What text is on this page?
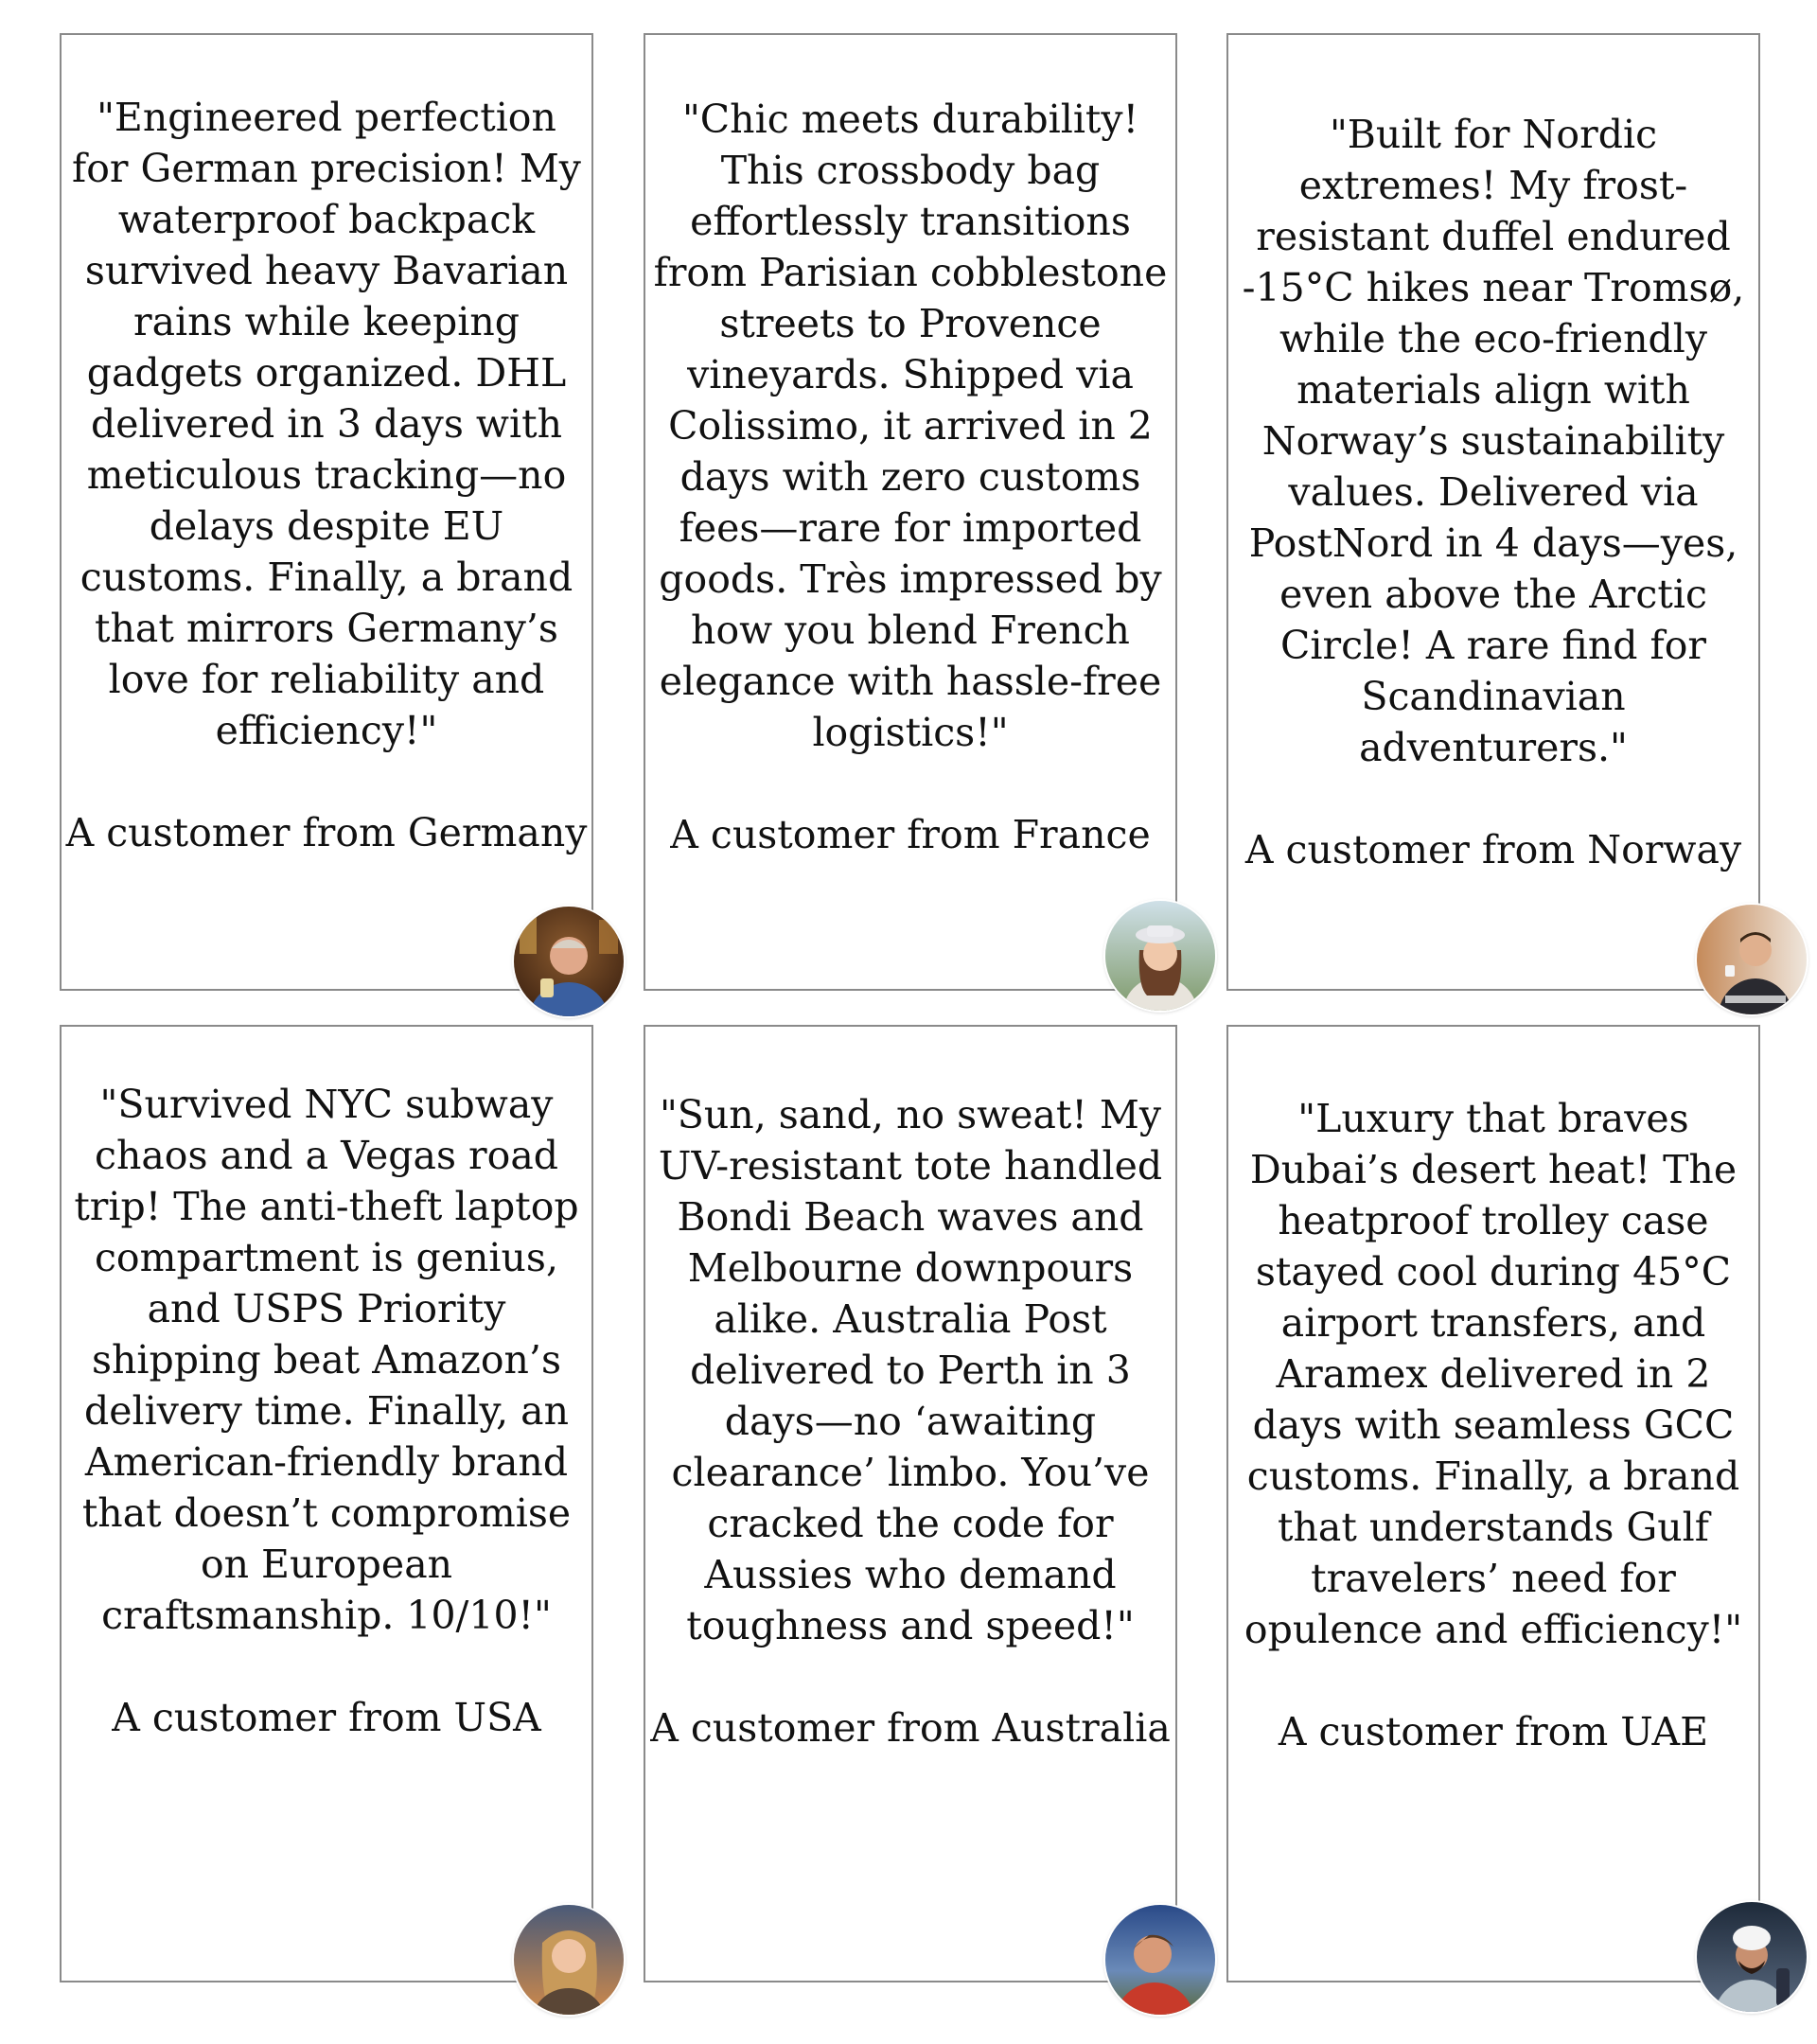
"Engineered perfection for German precision! My waterproof backpack survived heavy Bavarian rains while keeping gadgets organized. DHL delivered in 3 days with meticulous tracking—no delays despite EU customs. Finally, a brand that mirrors Germany’s love for reliability and efficiency!"

A customer from Germany

"Chic meets durability! This crossbody bag effortlessly transitions from Parisian cobblestone streets to Provence vineyards. Shipped via Colissimo, it arrived in 2 days with zero customs fees—rare for imported goods. Très impressed by how you blend French elegance with hassle-free logistics!"

A customer from France

"Built for Nordic extremes! My frost-resistant duffel endured -15°C hikes near Tromsø, while the eco-friendly materials align with Norway’s sustainability values. Delivered via PostNord in 4 days—yes, even above the Arctic Circle! A rare find for Scandinavian adventurers."

A customer from Norway

"Survived NYC subway chaos and a Vegas road trip! The anti-theft laptop compartment is genius, and USPS Priority shipping beat Amazon’s delivery time. Finally, an American-friendly brand that doesn’t compromise on European craftsmanship. 10/10!"

A customer from USA

"Sun, sand, no sweat! My UV-resistant tote handled Bondi Beach waves and Melbourne downpours alike. Australia Post delivered to Perth in 3 days—no ‘awaiting clearance’ limbo. You’ve cracked the code for Aussies who demand toughness and speed!"

A customer from Australia

"Luxury that braves Dubai’s desert heat! The heatproof trolley case stayed cool during 45°C airport transfers, and Aramex delivered in 2 days with seamless GCC customs. Finally, a brand that understands Gulf travelers’ need for opulence and efficiency!"

A customer from UAE
